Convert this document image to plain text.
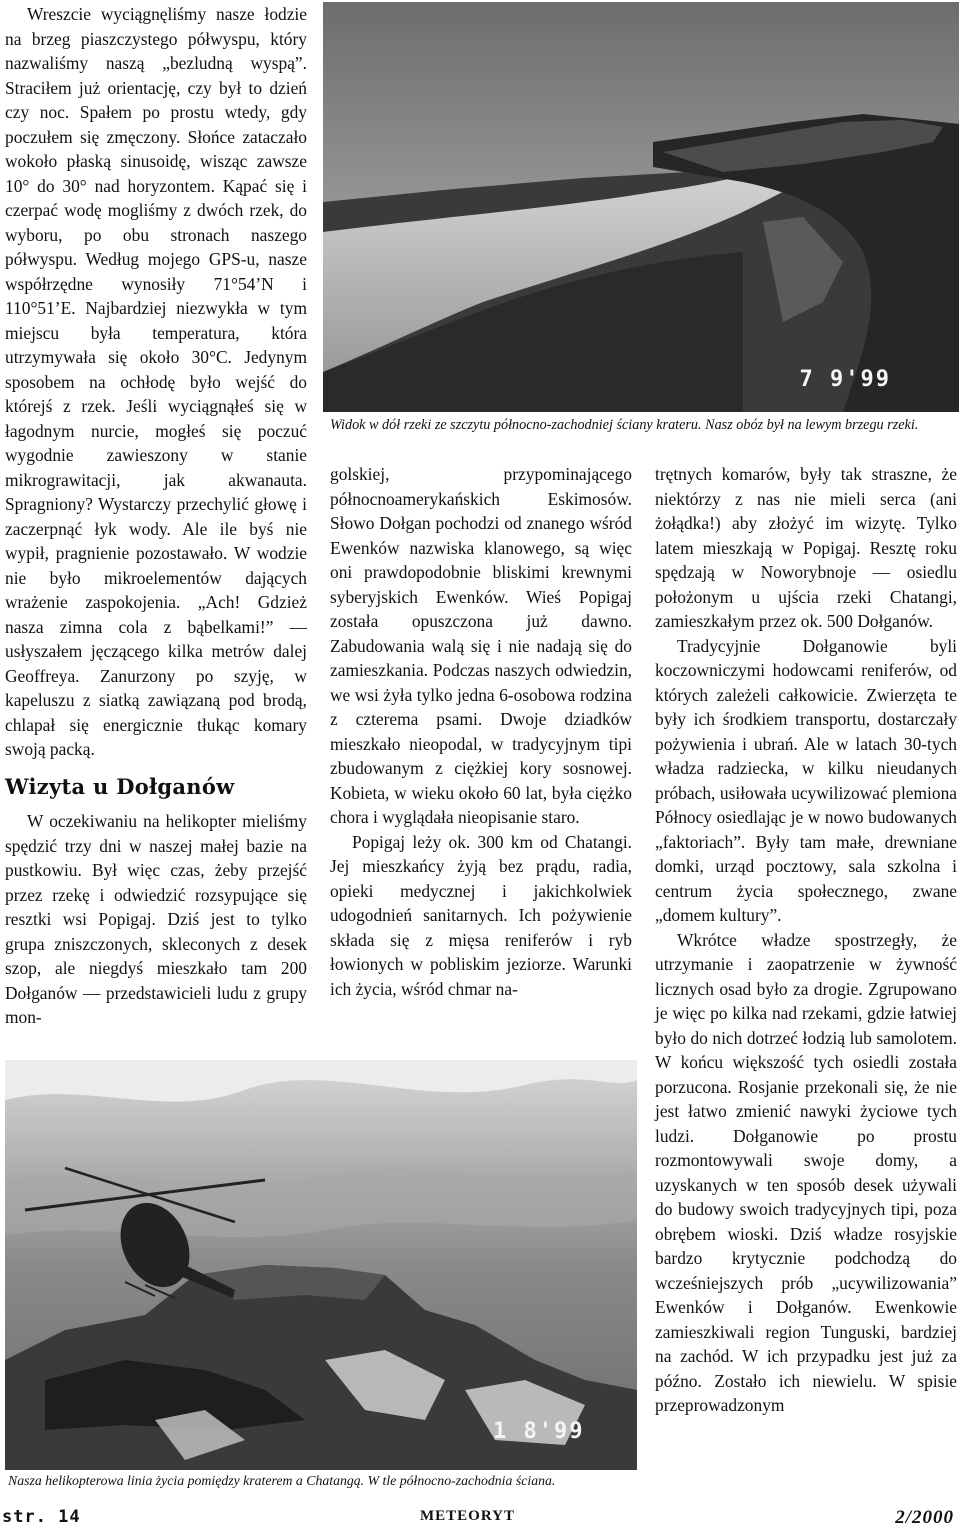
Wreszcie wyciągnęliśmy nasze łodzie na brzeg piaszczystego półwyspu, który nazwaliśmy naszą „bezludną wyspą”. Straciłem już orientację, czy był to dzień czy noc. Spałem po prostu wtedy, gdy poczułem się zmęczony. Słońce zataczało wokoło płaską sinusoidę, wisząc zawsze 10° do 30° nad horyzontem. Kąpać się i czerpać wodę mogliśmy z dwóch rzek, do wyboru, po obu stronach naszego półwyspu. Według mojego GPS-u, nasze współrzędne wynosiły 71°54’N i 110°51’E. Najbardziej niezwykła w tym miejscu była temperatura, która utrzymywała się około 30°C. Jedynym sposobem na ochłodę było wejść do którejś z rzek. Jeśli wyciągnąłeś się w łagodnym nurcie, mogłeś się poczuć wygodnie zawieszony w stanie mikrograwitacji, jak akwanauta. Spragniony? Wystarczy przechylić głowę i zaczerpnąć łyk wody. Ale ile byś nie wypił, pragnienie pozostawało. W wodzie nie było mikroelementów dających wrażenie zaspokojenia. „Ach! Gdzież nasza zimna cola z bąbelkami!” — usłyszałem jęczącego kilka metrów dalej Geoffreya. Zanurzony po szyję, w kapeluszu z siatką zawiązaną pod brodą, chlapał się energicznie tłukąc komary swoją packą.

Wizyta u Dołganów

W oczekiwaniu na helikopter mieliśmy spędzić trzy dni w naszej małej bazie na pustkowiu. Był więc czas, żeby przejść przez rzekę i odwiedzić rozsypujące się resztki wsi Popigaj. Dziś jest to tylko grupa zniszczonych, skleconych z desek szop, ale niegdyś mieszkało tam 200 Dołganów — przedstawicieli ludu z grupy mon-

7 9'99
Widok w dół rzeki ze szczytu północno-zachodniej ściany krateru. Nasz obóz był na lewym brzegu rzeki.

golskiej, przypominającego północnoamerykańskich Eskimosów. Słowo Dołgan pochodzi od znanego wśród Ewenków nazwiska klanowego, są więc oni prawdopodobnie bliskimi krewnymi syberyjskich Ewenków. Wieś Popigaj została opuszczona już dawno. Zabudowania walą się i nie nadają się do zamieszkania. Podczas naszych odwiedzin, we wsi żyła tylko jedna 6-osobowa rodzina z czterema psami. Dwoje dziadków mieszkało nieopodal, w tradycyjnym tipi zbudowanym z ciężkiej kory sosnowej. Kobieta, w wieku około 60 lat, była ciężko chora i wyglądała nieopisanie staro.

Popigaj leży ok. 300 km od Chatangi. Jej mieszkańcy żyją bez prądu, radia, opieki medycznej i jakichkolwiek udogodnień sanitarnych. Ich pożywienie składa się z mięsa reniferów i ryb łowionych w pobliskim jeziorze. Warunki ich życia, wśród chmar na-

trętnych komarów, były tak straszne, że niektórzy z nas nie mieli serca (ani żołądka!) aby złożyć im wizytę. Tylko latem mieszkają w Popigaj. Resztę roku spędzają w Noworybnoje — osiedlu położonym u ujścia rzeki Chatangi, zamieszkałym przez ok. 500 Dołganów.

Tradycyjnie Dołganowie byli koczowniczymi hodowcami reniferów, od których zależeli całkowicie. Zwierzęta te były ich środkiem transportu, dostarczały pożywienia i ubrań. Ale w latach 30-tych władza radziecka, w kilku nieudanych próbach, usiłowała ucywilizować plemiona Północy osiedlając je w nowo budowanych „faktoriach”. Były tam małe, drewniane domki, urząd pocztowy, sala szkolna i centrum życia społecznego, zwane „domem kultury”.

Wkrótce władze spostrzegły, że utrzymanie i zaopatrzenie w żywność licznych osad było za drogie. Zgrupowano je więc po kilka nad rzekami, gdzie łatwiej było do nich dotrzeć łodzią lub samolotem. W końcu większość tych osiedli została porzucona. Rosjanie przekonali się, że nie jest łatwo zmienić nawyki życiowe tych ludzi. Dołganowie po prostu rozmontowywali swoje domy, a uzyskanych w ten sposób desek używali do budowy swoich tradycyjnych tipi, poza obrębem wioski. Dziś władze rosyjskie bardzo krytycznie podchodzą do wcześniejszych prób „ucywilizowania” Ewenków i Dołganów. Ewenkowie zamieszkiwali region Tunguski, bardziej na zachód. W ich przypadku jest już za późno. Zostało ich niewielu. W spisie przeprowadzonym

1 8'99
Nasza helikopterowa linia życia pomiędzy kraterem a Chatangą. W tle północno-zachodnia ściana.
str. 14	METEORYT	2/2000
